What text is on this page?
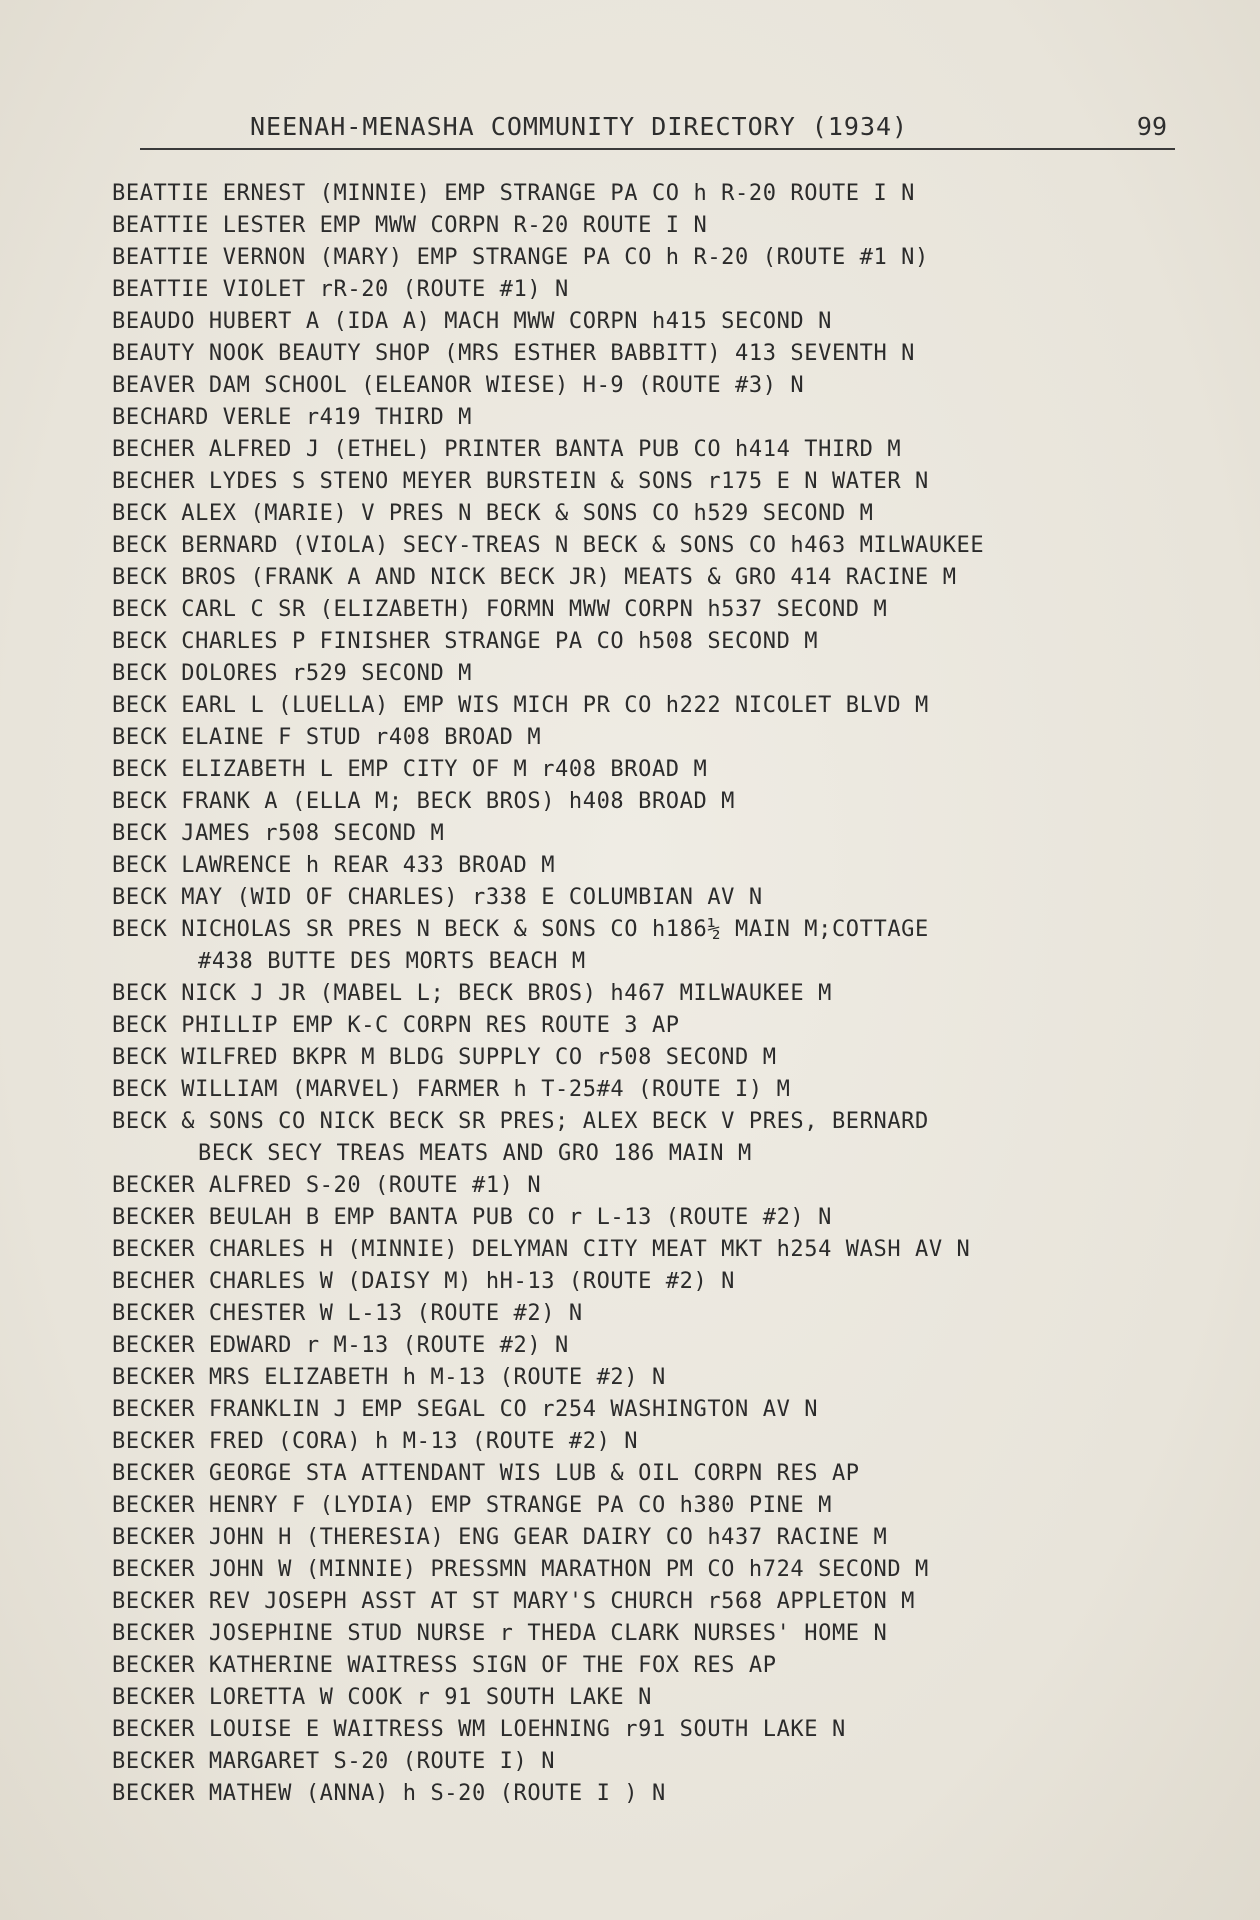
NEENAH-MENASHA COMMUNITY DIRECTORY (1934)	99
BEATTIE ERNEST (MINNIE) EMP STRANGE PA CO h R-20 ROUTE I N
BEATTIE LESTER EMP MWW CORPN R-20 ROUTE I N
BEATTIE VERNON (MARY) EMP STRANGE PA CO h R-20 (ROUTE #1 N)
BEATTIE VIOLET rR-20 (ROUTE #1) N
BEAUDO HUBERT A (IDA A) MACH MWW CORPN h415 SECOND N
BEAUTY NOOK BEAUTY SHOP (MRS ESTHER BABBITT) 413 SEVENTH N
BEAVER DAM SCHOOL (ELEANOR WIESE) H-9 (ROUTE #3) N
BECHARD VERLE r419 THIRD M
BECHER ALFRED J (ETHEL) PRINTER BANTA PUB CO h414 THIRD M
BECHER LYDES S STENO MEYER BURSTEIN & SONS r175 E N WATER N
BECK ALEX (MARIE) V PRES N BECK & SONS CO h529 SECOND M
BECK BERNARD (VIOLA) SECY-TREAS N BECK & SONS CO h463 MILWAUKEE
BECK BROS (FRANK A AND NICK BECK JR) MEATS & GRO 414 RACINE M
BECK CARL C SR (ELIZABETH) FORMN MWW CORPN h537 SECOND M
BECK CHARLES P FINISHER STRANGE PA CO h508 SECOND M
BECK DOLORES r529 SECOND M
BECK EARL L (LUELLA) EMP WIS MICH PR CO h222 NICOLET BLVD M
BECK ELAINE F STUD r408 BROAD M
BECK ELIZABETH L EMP CITY OF M r408 BROAD M
BECK FRANK A (ELLA M; BECK BROS) h408 BROAD M
BECK JAMES r508 SECOND M
BECK LAWRENCE h REAR 433 BROAD M
BECK MAY (WID OF CHARLES) r338 E COLUMBIAN AV N
BECK NICHOLAS SR PRES N BECK & SONS CO h186½ MAIN M;COTTAGE
#438 BUTTE DES MORTS BEACH M
BECK NICK J JR (MABEL L; BECK BROS) h467 MILWAUKEE M
BECK PHILLIP EMP K-C CORPN RES ROUTE 3 AP
BECK WILFRED BKPR M BLDG SUPPLY CO r508 SECOND M
BECK WILLIAM (MARVEL) FARMER h T-25#4 (ROUTE I) M
BECK & SONS CO NICK BECK SR PRES; ALEX BECK V PRES, BERNARD
BECK SECY TREAS MEATS AND GRO 186 MAIN M
BECKER ALFRED S-20 (ROUTE #1) N
BECKER BEULAH B EMP BANTA PUB CO r L-13 (ROUTE #2) N
BECKER CHARLES H (MINNIE) DELYMAN CITY MEAT MKT h254 WASH AV N
BECHER CHARLES W (DAISY M) hH-13 (ROUTE #2) N
BECKER CHESTER W L-13 (ROUTE #2) N
BECKER EDWARD r M-13 (ROUTE #2) N
BECKER MRS ELIZABETH h M-13 (ROUTE #2) N
BECKER FRANKLIN J EMP SEGAL CO r254 WASHINGTON AV N
BECKER FRED (CORA) h M-13 (ROUTE #2) N
BECKER GEORGE STA ATTENDANT WIS LUB & OIL CORPN RES AP
BECKER HENRY F (LYDIA) EMP STRANGE PA CO h380 PINE M
BECKER JOHN H (THERESIA) ENG GEAR DAIRY CO h437 RACINE M
BECKER JOHN W (MINNIE) PRESSMN MARATHON PM CO h724 SECOND M
BECKER REV JOSEPH ASST AT ST MARY'S CHURCH r568 APPLETON M
BECKER JOSEPHINE STUD NURSE r THEDA CLARK NURSES' HOME N
BECKER KATHERINE WAITRESS SIGN OF THE FOX RES AP
BECKER LORETTA W COOK r 91 SOUTH LAKE N
BECKER LOUISE E WAITRESS WM LOEHNING r91 SOUTH LAKE N
BECKER MARGARET S-20 (ROUTE I) N
BECKER MATHEW (ANNA) h S-20 (ROUTE I ) N
